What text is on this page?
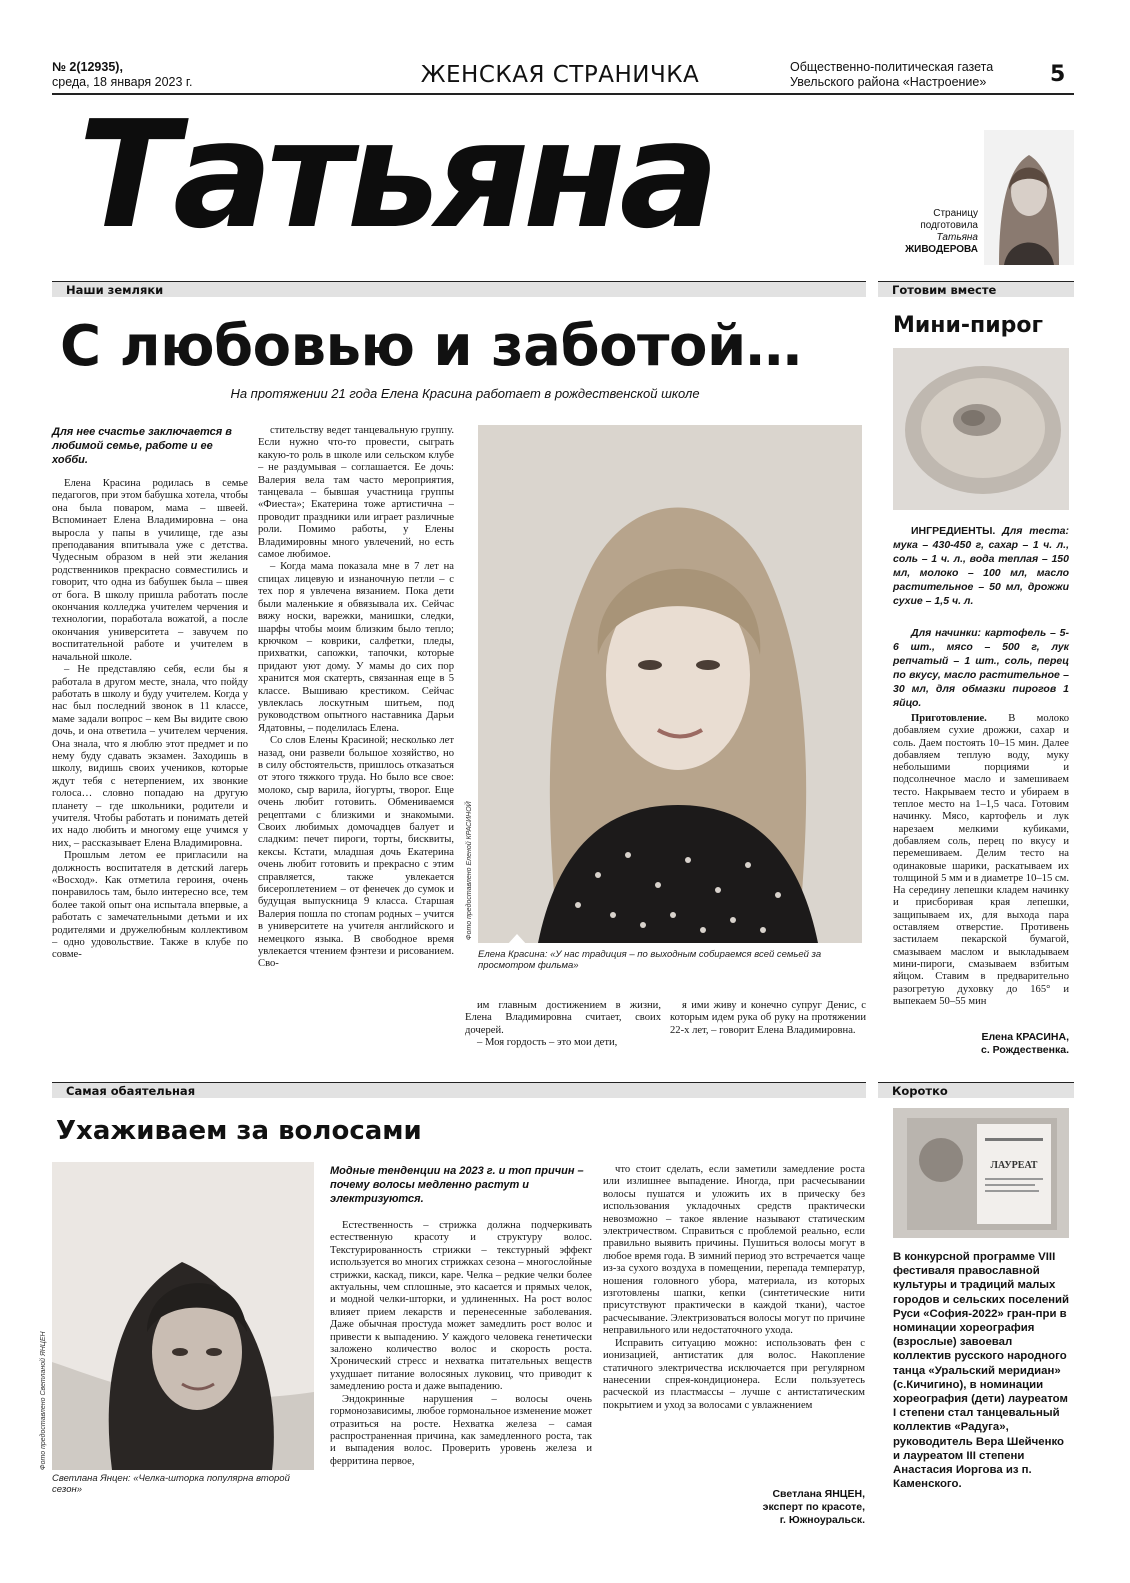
№ 2(12935),
среда, 18 января 2023 г.	ЖЕНСКАЯ СТРАНИЧКА	Общественно-политическая газета
Увельского района «Настроение»	5
Татьяна	Страницу
подготовила
Татьяна
ЖИВОДЕРОВА
Наши земляки	Готовим вместе
С любовью и заботой…
На протяжении 21 года Елена Красина работает в рождественской школе
Для нее счастье заключается в любимой семье, работе и ее хобби.

Елена Красина родилась в семье педагогов, при этом бабушка хотела, чтобы она была поваром, мама – швеей. Вспоминает Елена Владимировна – она выросла у папы в училище, где азы преподавания впитывала уже с детства. Чудесным образом в ней эти желания родственников прекрасно совместились и говорит, что одна из бабушек была – швея от бога. В школу пришла работать после окончания колледжа учителем черчения и технологии, поработала вожатой, а после окончания университета – завучем по воспитательной работе и учителем в начальной школе.

– Не представляю себя, если бы я работала в другом месте, знала, что пойду работать в школу и буду учителем. Когда у нас был последний звонок в 11 классе, маме задали вопрос – кем Вы видите свою дочь, и она ответила – учителем черчения. Она знала, что я люблю этот предмет и по нему буду сдавать экзамен. Заходишь в школу, видишь своих учеников, которые ждут тебя с нетерпением, их звонкие голоса… словно попадаю на другую планету – где школьники, родители и учителя. Чтобы работать и понимать детей их надо любить и многому еще учимся у них, – рассказывает Елена Владимировна.

Прошлым летом ее пригласили на должность воспитателя в детский лагерь «Восход». Как отметила героиня, очень понравилось там, было интересно все, тем более такой опыт она испытала впервые, а работать с замечательными детьми и их родителями и дружелюбным коллективом – одно удовольствие. Также в клубе по совме-

стительству ведет танцевальную группу. Если нужно что-то провести, сыграть какую-то роль в школе или сельском клубе – не раздумывая – соглашается. Ее дочь: Валерия вела там часто мероприятия, танцевала – бывшая участница группы «Фиеста»; Екатерина тоже артистична – проводит праздники или играет различные роли. Помимо работы, у Елены Владимировны много увлечений, но есть самое любимое.

– Когда мама показала мне в 7 лет на спицах лицевую и изнаночную петли – с тех пор я увлечена вязанием. Пока дети были маленькие я обвязывала их. Сейчас вяжу носки, варежки, манишки, следки, шарфы чтобы моим близким было тепло; крючком – коврики, салфетки, пледы, прихватки, сапожки, тапочки, которые придают уют дому. У мамы до сих пор хранится моя скатерть, связанная еще в 5 классе. Вышиваю крестиком. Сейчас увлеклась лоскутным шитьем, под руководством опытного наставника Дарьи Ядатовны, – поделилась Елена.

Со слов Елены Красиной; несколько лет назад, они развели большое хозяйство, но в силу обстоятельств, пришлось отказаться от этого тяжкого труда. Но было все свое: молоко, сыр варила, йогурты, творог. Еще очень любит готовить. Обмениваемся рецептами с близкими и знакомыми. Своих любимых домочадцев балует и сладким: печет пироги, торты, бисквиты, кексы. Кстати, младшая дочь Екатерина очень любит готовить и прекрасно с этим справляется, также увлекается бисероплетением – от фенечек до сумок и будущая выпускница 9 класса. Старшая Валерия пошла по стопам родных – учится в университете на учителя английского и немецкого языка. В свободное время увлекается чтением фэнтези и рисованием. Сво-

им главным достижением в жизни, Елена Владимировна считает, своих дочерей.

– Моя гордость – это мои дети,

я ими живу и конечно супруг Денис, с которым идем рука об руку на протяжении 22-х лет, – говорит Елена Владимировна.

Фото предоставлено Еленой КРАСИНОЙ
Елена Красина: «У нас традиция – по выходным собираемся всей семьей за просмотром фильма»
Мини-пирог
ИНГРЕДИЕНТЫ. Для теста: мука – 430-450 г, сахар – 1 ч. л., соль – 1 ч. л., вода теплая – 150 мл, молоко – 100 мл, масло растительное – 50 мл, дрожжи сухие – 1,5 ч. л.
Для начинки: картофель – 5-6 шт., мясо – 500 г, лук репчатый – 1 шт., соль, перец по вкусу, масло растительное – 30 мл, для обмазки пирогов 1 яйцо.
Приготовление. В молоко добавляем сухие дрожжи, сахар и соль. Даем постоять 10–15 мин. Далее добавляем теплую воду, муку небольшими порциями и подсолнечное масло и замешиваем тесто. Накрываем тесто и убираем в теплое место на 1–1,5 часа. Готовим начинку. Мясо, картофель и лук нарезаем мелкими кубиками, добавляем соль, перец по вкусу и перемешиваем. Делим тесто на одинаковые шарики, раскатываем их толщиной 5 мм и в диаметре 10–15 см. На середину лепешки кладем начинку и присборивая края лепешки, защипываем их, для выхода пара оставляем отверстие. Противень застилаем пекарской бумагой, смазываем маслом и выкладываем мини-пироги, смазываем взбитым яйцом. Ставим в предварительно разогретую духовку до 165° и выпекаем 50–55 мин
Елена КРАСИНА,
с. Рождественка.
Самая обаятельная	Коротко
Ухаживаем за волосами
Фото предоставлено Светланой ЯНЦЕН
Светлана Янцен: «Челка-шторка популярна второй сезон»
Модные тенденции на 2023 г. и топ причин – почему волосы медленно растут и электризуются.

Естественность – стрижка должна подчеркивать естественную красоту и структуру волос. Текстурированность стрижки – текстурный эффект используется во многих стрижках сезона – многослойные стрижки, каскад, пикси, каре. Челка – редкие челки более актуальны, чем сплошные, это касается и прямых челок, и модной челки-шторки, и удлиненных. На рост волос влияет прием лекарств и перенесенные заболевания. Даже обычная простуда может замедлить рост волос и привести к выпадению. У каждого человека генетически заложено количество волос и скорость роста. Хронический стресс и нехватка питательных веществ ухудшает питание волосяных луковиц, что приводит к замедлению роста и даже выпадению.

Эндокринные нарушения – волосы очень гормонозависимы, любое гормональное изменение может отразиться на росте. Нехватка железа – самая распространенная причина, как замедленного роста, так и выпадения волос. Проверить уровень железа и ферритина первое,

что стоит сделать, если заметили замедление роста или излишнее выпадение. Иногда, при расчесывании волосы пушатся и уложить их в прическу без использования укладочных средств практически невозможно – такое явление называют статическим электричеством. Справиться с проблемой реально, если правильно выявить причины. Пушиться волосы могут в любое время года. В зимний период это встречается чаще из-за сухого воздуха в помещении, перепада температур, ношения головного убора, материала, из которых изготовлены шапки, кепки (синтетические нити присутствуют практически в каждой ткани), частое расчесывание. Электризоваться волосы могут по причине неправильного или недостаточного ухода.

Исправить ситуацию можно: использовать фен с ионизацией, антистатик для волос. Накопление статичного электричества исключается при регулярном нанесении спрея-кондиционера. Если пользуетесь расческой из пластмассы – лучше с антистатическим покрытием и уход за волосами с увлажнением

Светлана ЯНЦЕН,
эксперт по красоте,
г. Южноуральск.
ЛАУРЕАТ
В конкурсной программе VIII фестиваля православной культуры и традиций малых городов и сельских поселений Руси «София-2022» гран-при в номинации хореография (взрослые) завоевал коллектив русского народного танца «Уральский меридиан» (с.Кичигино), в номинации хореография (дети) лауреатом I степени стал танцевальный коллектив «Радуга», руководитель Вера Шейченко и лауреатом III степени Анастасия Иоргова из п. Каменского.
